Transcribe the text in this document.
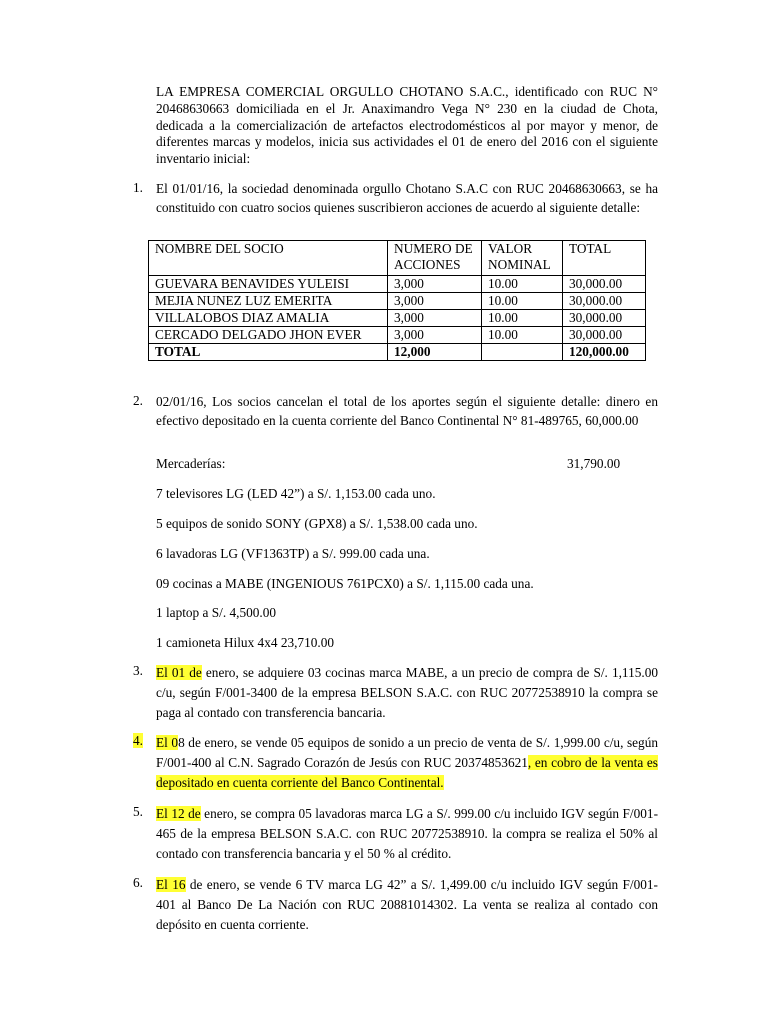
LA EMPRESA COMERCIAL ORGULLO CHOTANO S.A.C., identificado con RUC N° 20468630663 domiciliada en el Jr. Anaximandro Vega N° 230 en la ciudad de Chota, dedicada a la comercialización de artefactos electrodomésticos al por mayor y menor, de diferentes marcas y modelos, inicia sus actividades el 01 de enero del 2016 con el siguiente inventario inicial:
1. El 01/01/16, la sociedad denominada orgullo Chotano S.A.C con RUC 20468630663, se ha constituido con cuatro socios quienes suscribieron acciones de acuerdo al siguiente detalle:
NOMBRE DEL SOCIO	NUMERO DE ACCIONES	VALOR NOMINAL	TOTAL
GUEVARA BENAVIDES YULEISI	3,000	10.00	30,000.00
MEJIA NUNEZ LUZ EMERITA	3,000	10.00	30,000.00
VILLALOBOS DIAZ AMALIA	3,000	10.00	30,000.00
CERCADO DELGADO JHON EVER	3,000	10.00	30,000.00
TOTAL	12,000		120,000.00
2. 02/01/16, Los socios cancelan el total de los aportes según el siguiente detalle: dinero en efectivo depositado en la cuenta corriente del Banco Continental N° 81-489765, 60,000.00
Mercaderías:	31,790.00
7 televisores LG (LED 42”) a S/. 1,153.00 cada uno.
5 equipos de sonido SONY (GPX8) a S/. 1,538.00 cada uno.
6 lavadoras LG (VF1363TP) a S/. 999.00 cada una.
09 cocinas a MABE (INGENIOUS 761PCX0) a S/. 1,115.00 cada una.
1 laptop a S/. 4,500.00
1 camioneta Hilux 4x4 23,710.00
3. El 01 de enero, se adquiere 03 cocinas marca MABE, a un precio de compra de S/. 1,115.00 c/u, según F/001-3400 de la empresa BELSON S.A.C. con RUC 20772538910 la compra se paga al contado con transferencia bancaria.
4. El 08 de enero, se vende 05 equipos de sonido a un precio de venta de S/. 1,999.00 c/u, según F/001-400 al C.N. Sagrado Corazón de Jesús con RUC 20374853621, en cobro de la venta es depositado en cuenta corriente del Banco Continental.
5. El 12 de enero, se compra 05 lavadoras marca LG a S/. 999.00 c/u incluido IGV según F/001-465 de la empresa BELSON S.A.C. con RUC 20772538910. la compra se realiza el 50% al contado con transferencia bancaria y el 50 % al crédito.
6. El 16 de enero, se vende 6 TV marca LG 42” a S/. 1,499.00 c/u incluido IGV según F/001-401 al Banco De La Nación con RUC 20881014302. La venta se realiza al contado con depósito en cuenta corriente.
